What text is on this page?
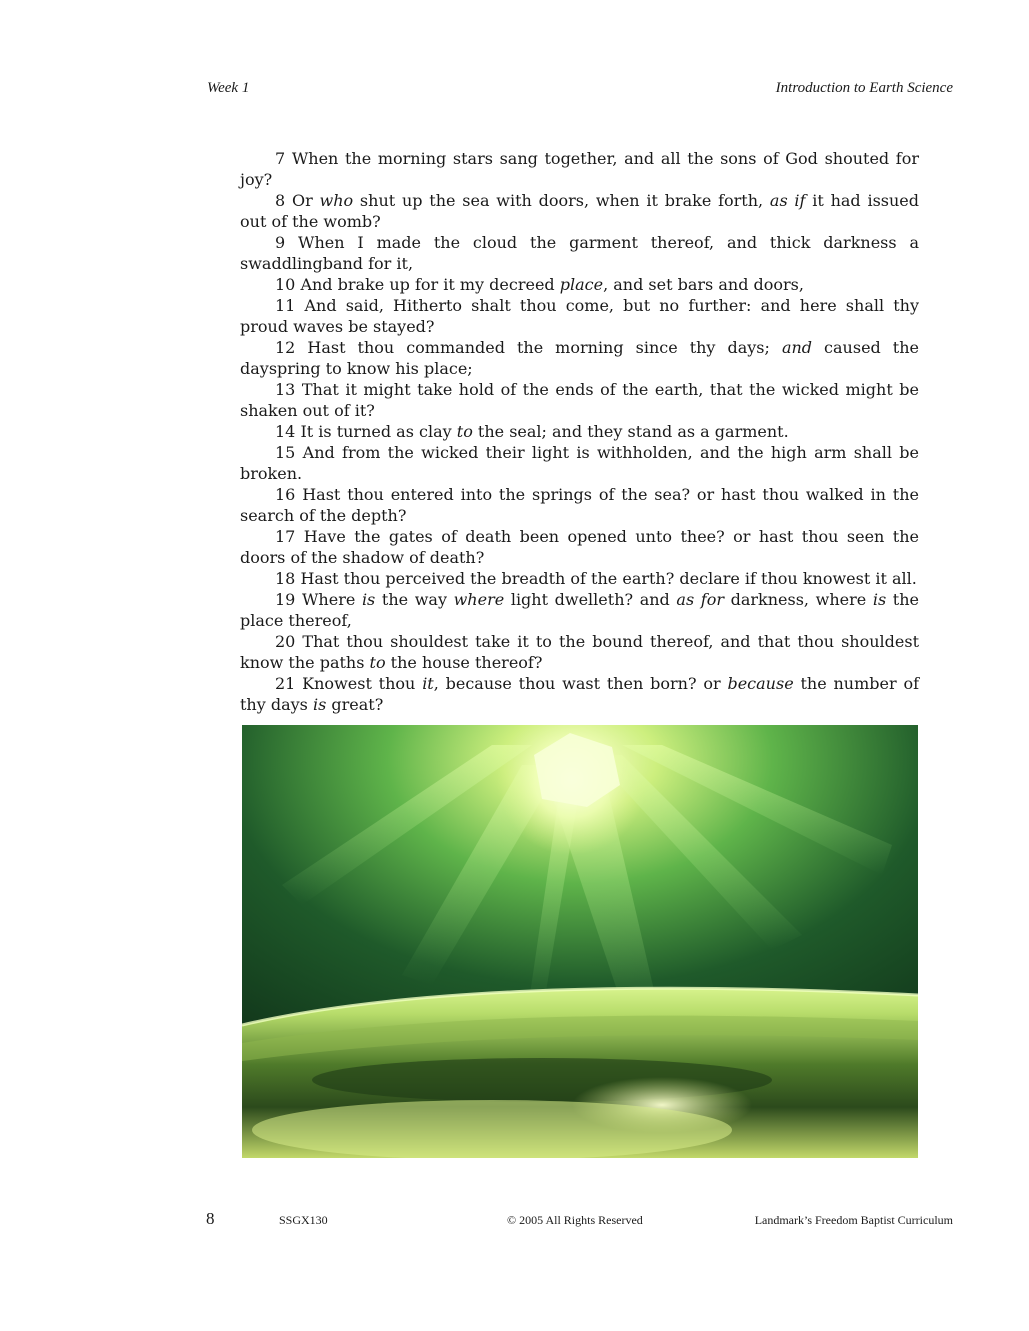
Week 1	Introduction to Earth Science

7 When the morning stars sang together, and all the sons of God shouted for joy?

8 Or who shut up the sea with doors, when it brake forth, as if it had issued out of the womb?

9 When I made the cloud the garment thereof, and thick darkness a swaddlingband for it,

10 And brake up for it my decreed place, and set bars and doors,

11 And said, Hitherto shalt thou come, but no further: and here shall thy proud waves be stayed?

12 Hast thou commanded the morning since thy days; and caused the dayspring to know his place;

13 That it might take hold of the ends of the earth, that the wicked might be shaken out of it?

14 It is turned as clay to the seal; and they stand as a garment.

15 And from the wicked their light is withholden, and the high arm shall be broken.

16 Hast thou entered into the springs of the sea? or hast thou walked in the search of the depth?

17 Have the gates of death been opened unto thee? or hast thou seen the doors of the shadow of death?

18 Hast thou perceived the breadth of the earth? declare if thou knowest it all.

19 Where is the way where light dwelleth? and as for darkness, where is the place thereof,

20 That thou shouldest take it to the bound thereof, and that thou shouldest know the paths to the house thereof?

21 Knowest thou it, because thou wast then born? or because the number of thy days is great?

8	SSGX130	© 2005 All Rights Reserved	Landmark’s Freedom Baptist Curriculum
